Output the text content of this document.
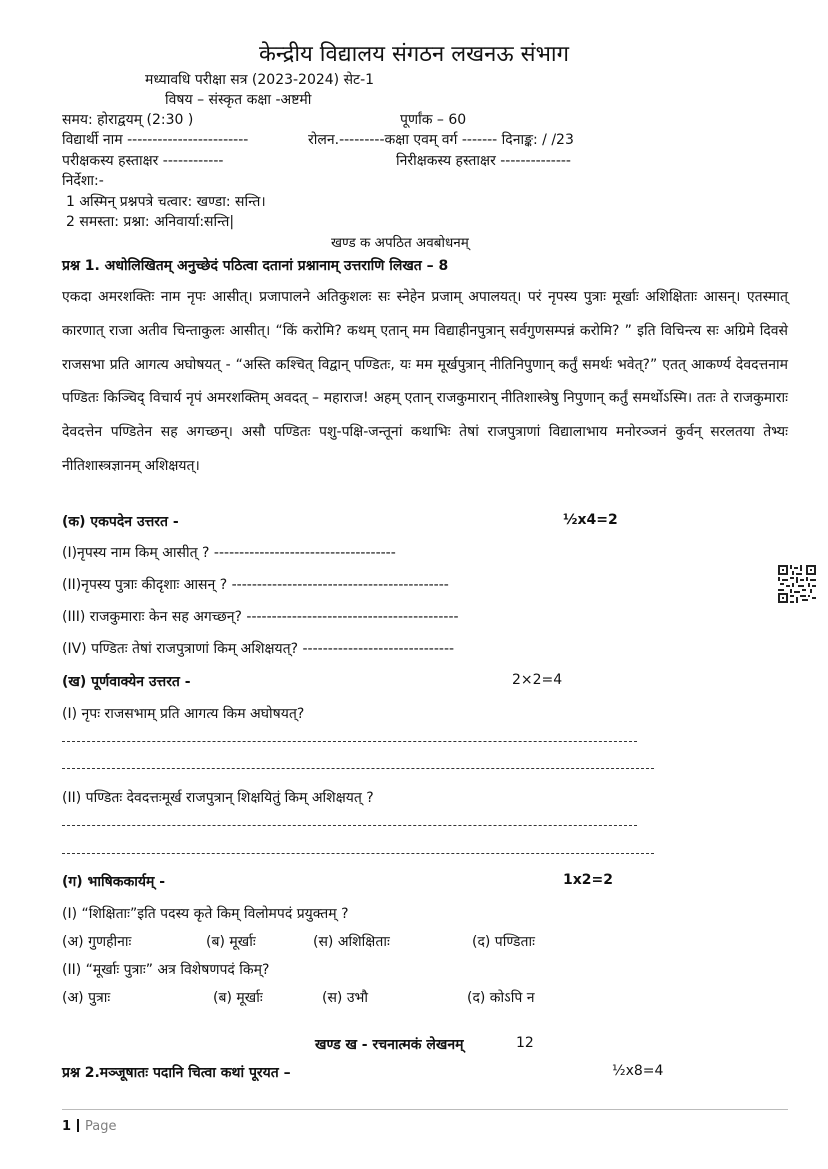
केन्द्रीय विद्यालय संगठन लखनऊ संभाग
मध्यावधि परीक्षा सत्र (2023-2024) सेट-1
विषय – संस्कृत कक्षा -अष्टमी
समय: होराद्वयम् (2:30 )	पूर्णांक – 60
विद्यार्थी नाम ------------------------	रोलन.---------कक्षा एवम् वर्ग ------- दिनाङ्क: / /23
परीक्षकस्य हस्ताक्षर ------------	निरीक्षकस्य हस्ताक्षर --------------
निर्देशा:-
1 अस्मिन् प्रश्नपत्रे चत्वार: खण्डा: सन्ति।
2 समस्ता: प्रश्ना: अनिवार्या:सन्ति|
खण्ड क अपठित अवबोधनम्
प्रश्न 1. अधोलिखितम् अनुच्छेदं पठित्वा दतानां प्रश्नानाम् उत्तराणि लिखत – 8
एकदा अमरशक्तिः नाम नृपः आसीत्। प्रजापालने अतिकुशलः सः स्नेहेन प्रजाम् अपालयत्। परं नृपस्य पुत्राः मूर्खाः अशिक्षिताः आसन्। एतस्मात् कारणात् राजा अतीव चिन्ताकुलः आसीत्। “किं करोमि? कथम् एतान् मम विद्याहीनपुत्रान् सर्वगुणसम्पन्नं करोमि? ” इति विचिन्त्य सः अग्रिमे दिवसे राजसभा प्रति आगत्य अघोषयत् - “अस्ति कश्चित् विद्वान् पण्डितः, यः मम मूर्खपुत्रान् नीतिनिपुणान् कर्तुं समर्थः भवेत्?” एतत् आकर्ण्य देवदत्तनाम पण्डितः किञ्चिद् विचार्य नृपं अमरशक्तिम् अवदत् – महाराज! अहम् एतान् राजकुमारान् नीतिशास्त्रेषु निपुणान् कर्तुं समर्थोऽस्मि। ततः ते राजकुमाराः देवदत्तेन पण्डितेन सह अगच्छन्। असौ पण्डितः पशु-पक्षि-जन्तूनां कथाभिः तेषां राजपुत्राणां विद्यालाभाय मनोरञ्जनं कुर्वन् सरलतया तेभ्यः नीतिशास्त्रज्ञानम् अशिक्षयत्।
(क) एकपदेन उत्तरत -	½x4=2
(I)नृपस्य नाम किम् आसीत् ? ------------------------------------
(II)नृपस्य पुत्राः कीदृशाः आसन् ? -------------------------------------------
(III) राजकुमाराः केन सह अगच्छन्? ------------------------------------------
(IV) पण्डितः तेषां राजपुत्राणां किम् अशिक्षयत्? ------------------------------
(ख) पूर्णवाक्येन उत्तरत -	2×2=4
(I) नृपः राजसभाम् प्रति आगत्य किम अघोषयत्?
(II) पण्डितः देवदत्तःमूर्ख राजपुत्रान् शिक्षयितुं किम् अशिक्षयत् ?
(ग) भाषिककार्यम् -	1x2=2
(I) “शिक्षिताः”इति पदस्य कृते किम् विलोमपदं प्रयुक्तम् ?
(अ) गुणहीनाः	(ब) मूर्खाः	(स) अशिक्षिताः	(द) पण्डिताः
(II) “मूर्खाः पुत्राः” अत्र विशेषणपदं किम्?
(अ) पुत्राः	(ब) मूर्खाः	(स) उभौ	(द) कोऽपि न
खण्ड ख - रचनात्मकं लेखनम्	12
प्रश्न 2.मञ्जूषातः पदानि चित्वा कथां पूरयत –	½x8=4
1 Page
